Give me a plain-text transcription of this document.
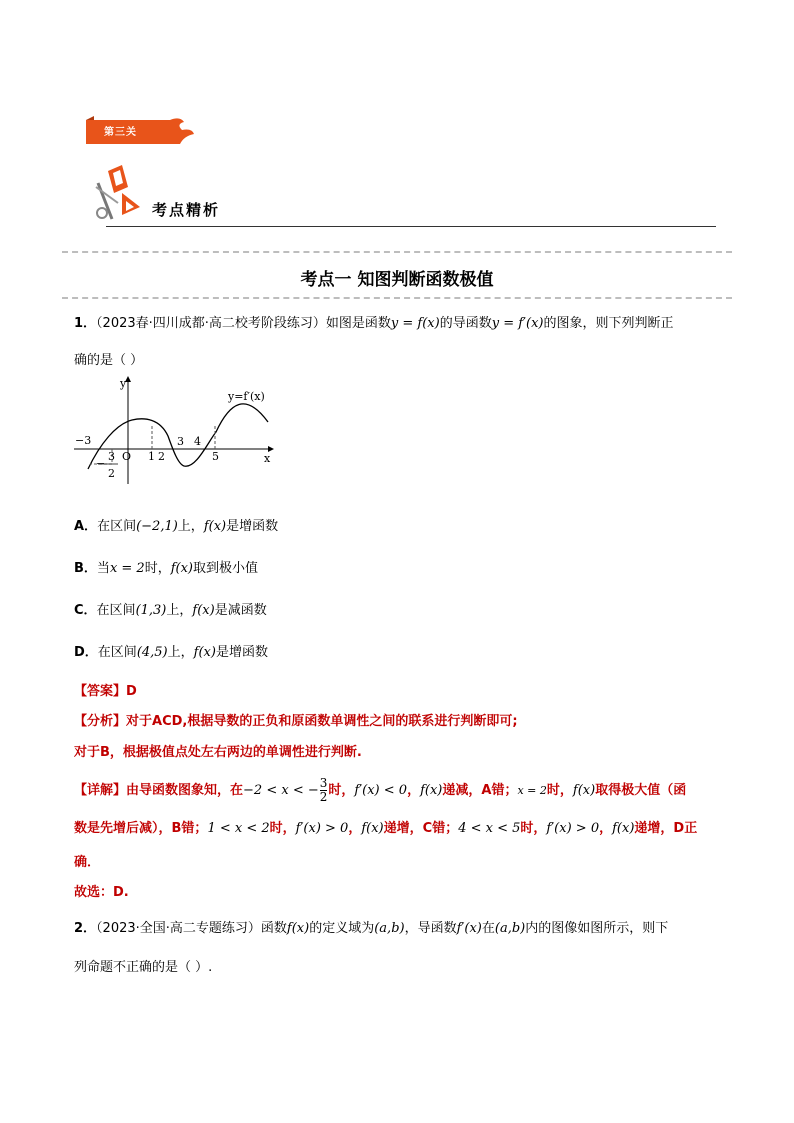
第三关
考点精析
考点一 知图判断函数极值
1．（2023春·四川成都·高二校考阶段练习）如图是函数y = f(x)的导函数y = f′(x)的图象，则下列判断正
确的是（ ）
y=f′(x)
y
x
O
−3
3
2
−
1 2
3 4
5
A．在区间(−2,1)上，f(x)是增函数
B．当x = 2时，f(x)取到极小值
C．在区间(1,3)上，f(x)是减函数
D．在区间(4,5)上，f(x)是增函数
【答案】D
【分析】对于ACD,根据导数的正负和原函数单调性之间的联系进行判断即可;
对于B，根据极值点处左右两边的单调性进行判断.
【详解】由导函数图象知，在−2 < x < − $\frac{3}{2}$ 时，f′(x) < 0，f(x)递减，A错；x = 2时，f(x)取得极大值（函
数是先增后减），B错；1 < x < 2时，f′(x) > 0，f(x)递增，C错；4 < x < 5时，f′(x) > 0，f(x)递增，D正
确．
故选：D.
2．（2023·全国·高二专题练习）函数f(x)的定义域为(a,b)，导函数f′(x)在(a,b)内的图像如图所示，则下
列命题不正确的是（ ）.
